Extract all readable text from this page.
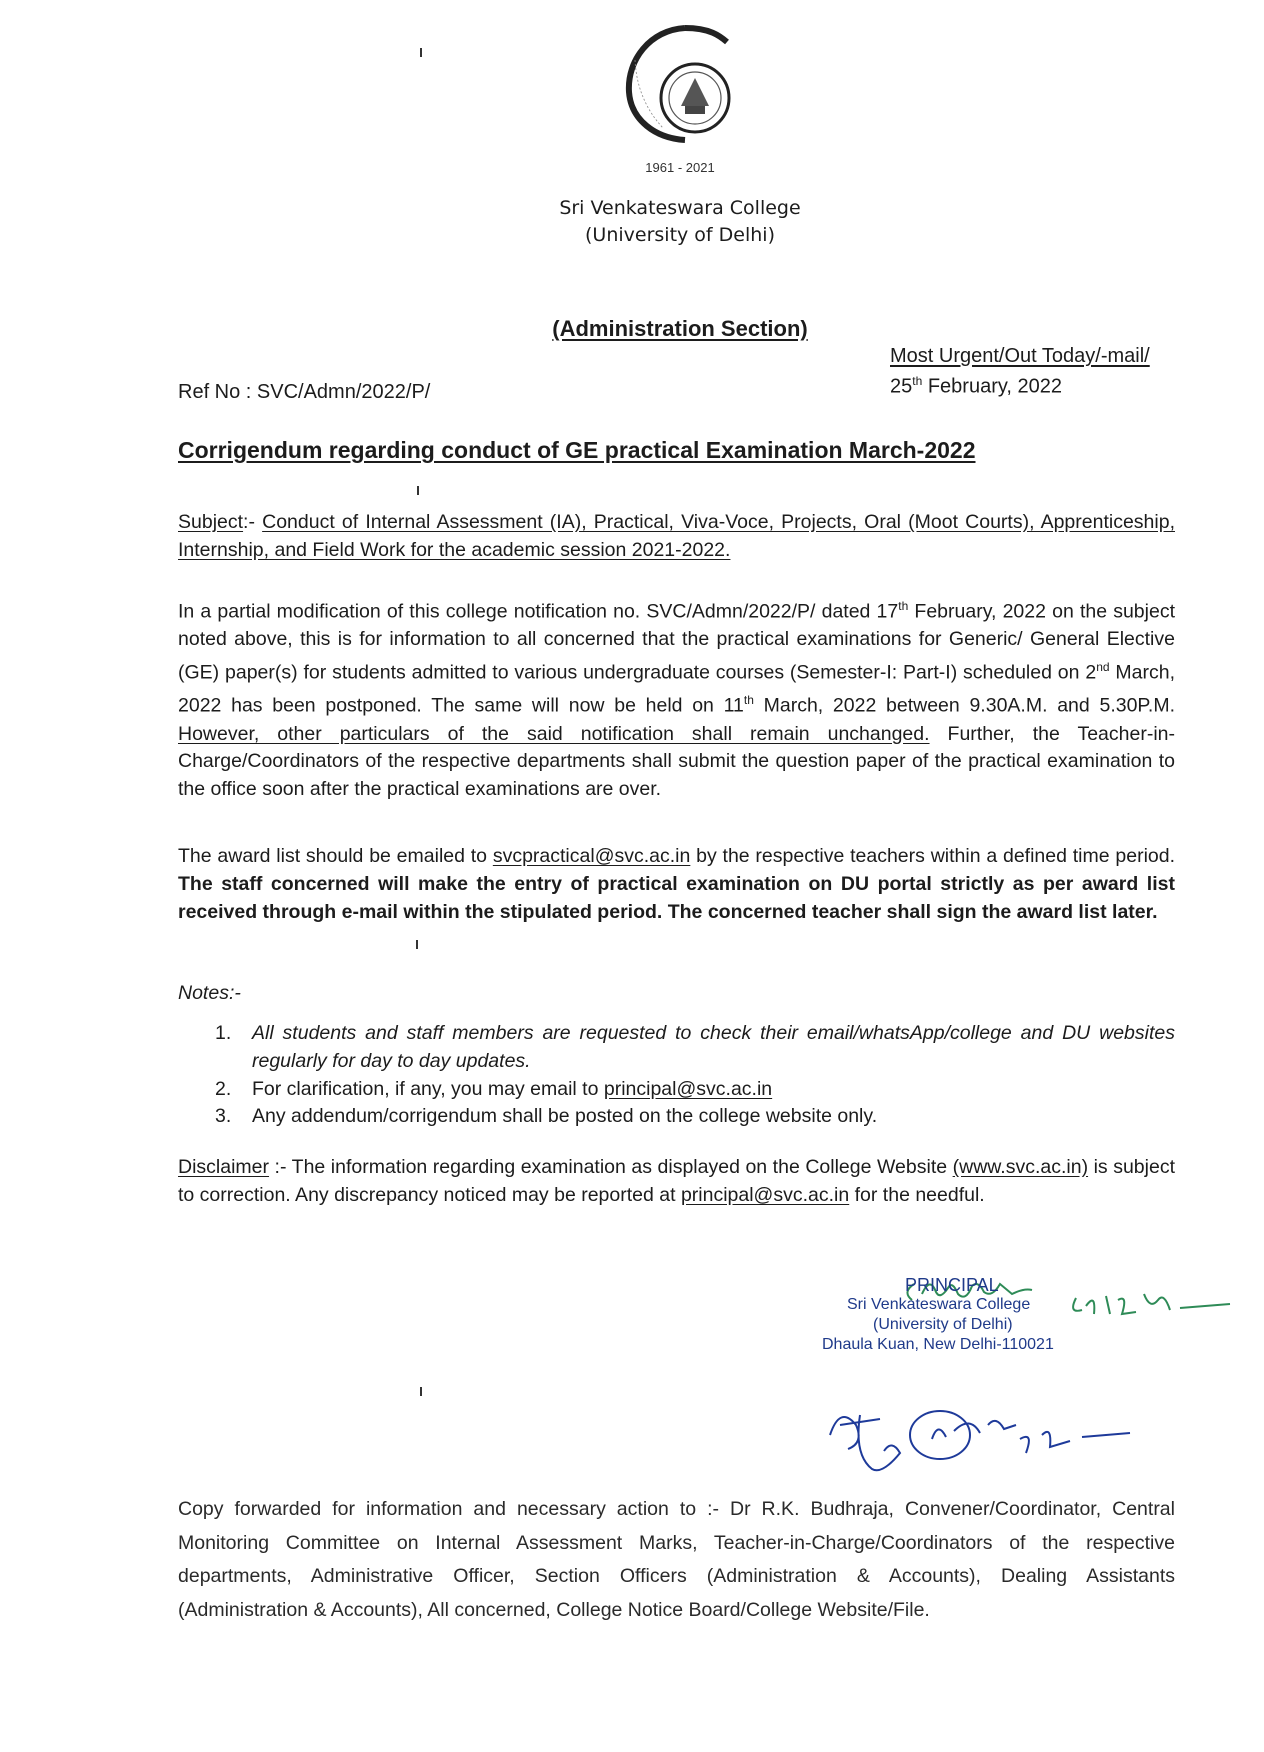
1961 - 2021
Sri Venkateswara College
(University of Delhi)
(Administration Section)
Most Urgent/Out Today/-mail/
25th February, 2022
Ref No : SVC/Admn/2022/P/
Corrigendum regarding conduct of GE practical Examination March-2022
Subject:- Conduct of Internal Assessment (IA), Practical, Viva-Voce, Projects, Oral (Moot Courts), Apprenticeship, Internship, and Field Work for the academic session 2021-2022.
In a partial modification of this college notification no. SVC/Admn/2022/P/ dated 17th February, 2022 on the subject noted above, this is for information to all concerned that the practical examinations for Generic/ General Elective (GE) paper(s) for students admitted to various undergraduate courses (Semester-I: Part-I) scheduled on 2nd March, 2022 has been postponed. The same will now be held on 11th March, 2022 between 9.30A.M. and 5.30P.M. However, other particulars of the said notification shall remain unchanged. Further, the Teacher-in-Charge/Coordinators of the respective departments shall submit the question paper of the practical examination to the office soon after the practical examinations are over.
The award list should be emailed to svcpractical@svc.ac.in by the respective teachers within a defined time period. The staff concerned will make the entry of practical examination on DU portal strictly as per award list received through e-mail within the stipulated period. The concerned teacher shall sign the award list later.
Notes:-
1. All students and staff members are requested to check their email/whatsApp/college and DU websites regularly for day to day updates.
2. For clarification, if any, you may email to principal@svc.ac.in
3. Any addendum/corrigendum shall be posted on the college website only.
Disclaimer :- The information regarding examination as displayed on the College Website (www.svc.ac.in) is subject to correction. Any discrepancy noticed may be reported at principal@svc.ac.in for the needful.
PRINCIPAL
Sri Venkateswara College
(University of Delhi)
Dhaula Kuan, New Delhi-110021
Copy forwarded for information and necessary action to :- Dr R.K. Budhraja, Convener/Coordinator, Central Monitoring Committee on Internal Assessment Marks, Teacher-in-Charge/Coordinators of the respective departments, Administrative Officer, Section Officers (Administration & Accounts), Dealing Assistants (Administration & Accounts), All concerned, College Notice Board/College Website/File.
